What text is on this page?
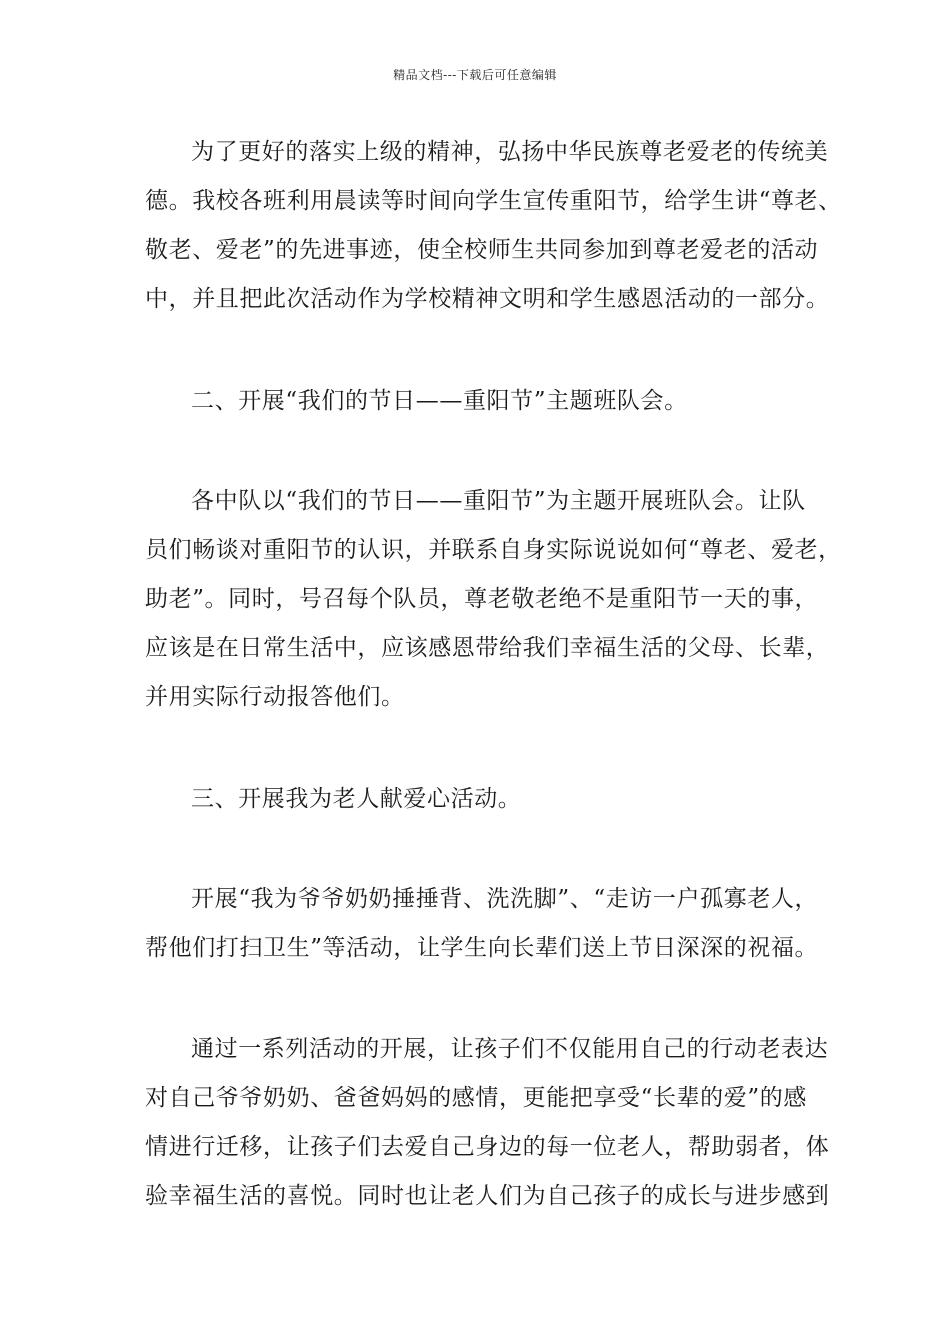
精品文档---下载后可任意编辑
为了更好的落实上级的精神，弘扬中华民族尊老爱老的传统美
德。我校各班利用晨读等时间向学生宣传重阳节，给学生讲“尊老、
敬老、爱老”的先进事迹，使全校师生共同参加到尊老爱老的活动
中，并且把此次活动作为学校精神文明和学生感恩活动的一部分。
二、开展“我们的节日——重阳节”主题班队会。
各中队以“我们的节日——重阳节”为主题开展班队会。让队
员们畅谈对重阳节的认识，并联系自身实际说说如何“尊老、爱老，
助老”。同时，号召每个队员，尊老敬老绝不是重阳节一天的事，
应该是在日常生活中，应该感恩带给我们幸福生活的父母、长辈，
并用实际行动报答他们。
三、开展我为老人献爱心活动。
开展“我为爷爷奶奶捶捶背、洗洗脚”、“走访一户孤寡老人，
帮他们打扫卫生”等活动，让学生向长辈们送上节日深深的祝福。
通过一系列活动的开展，让孩子们不仅能用自己的行动老表达
对自己爷爷奶奶、爸爸妈妈的感情，更能把享受“长辈的爱”的感
情进行迁移，让孩子们去爱自己身边的每一位老人，帮助弱者，体
验幸福生活的喜悦。同时也让老人们为自己孩子的成长与进步感到
